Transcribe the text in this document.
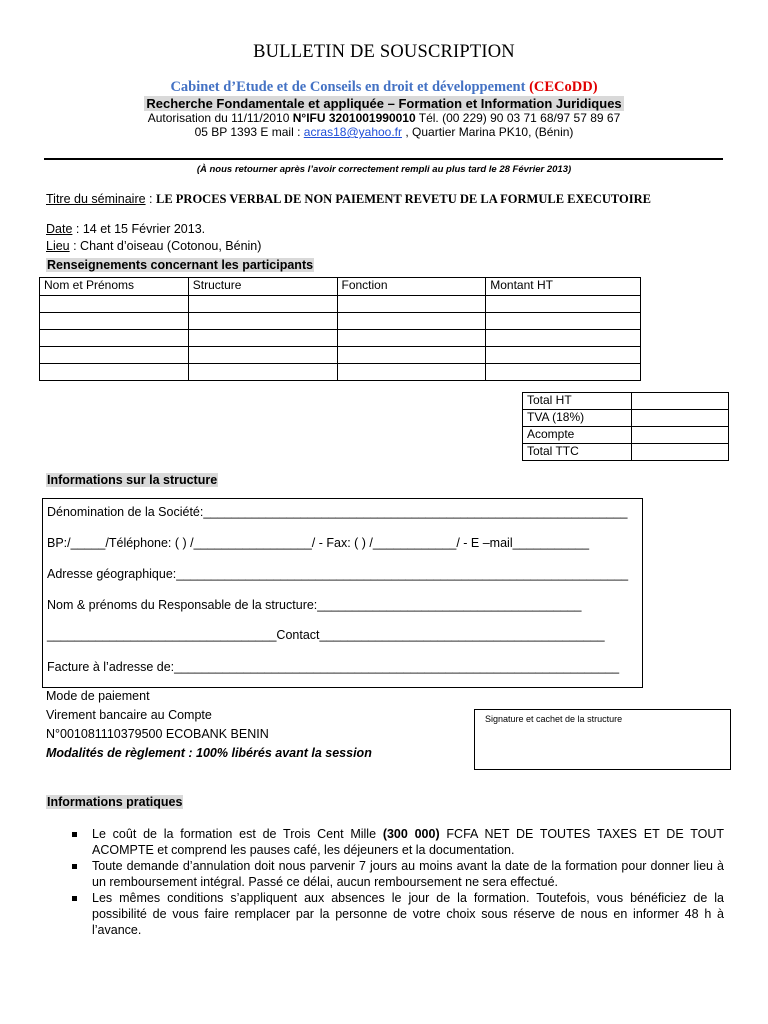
BULLETIN DE SOUSCRIPTION
Cabinet d’Etude et de Conseils en droit et développement (CECoDD)
Recherche Fondamentale et appliquée – Formation et Information Juridiques
Autorisation du 11/11/2010 N°IFU 3201001990010 Tél. (00 229) 90 03 71 68/97 57 89 67
05 BP 1393 E mail : acras18@yahoo.fr , Quartier Marina PK10, (Bénin)
(À nous retourner après l’avoir correctement rempli au plus tard le 28 Février 2013)
Titre du séminaire : LE PROCES VERBAL DE NON PAIEMENT REVETU DE LA FORMULE EXECUTOIRE
Date : 14 et 15 Février 2013.
Lieu : Chant d’oiseau (Cotonou, Bénin)
Renseignements concernant les participants
Nom et Prénoms	Structure	Fonction	Montant HT

Total HT	
TVA (18%)	
Acompte	
Total TTC	
Informations sur la structure
Dénomination de la Société:_____________________________________________________________
BP:/_____/Téléphone: ( ) /_________________/ - Fax: ( ) /____________/ - E –mail___________
Adresse géographique:_________________________________________________________________
Nom & prénoms du Responsable de la structure:______________________________________
_________________________________Contact_________________________________________
Facture à l’adresse de:________________________________________________________________
Mode de paiement
Virement bancaire au Compte
N°001081110379500 ECOBANK BENIN
Modalités de règlement : 100% libérés avant la session
Signature et cachet de la structure
Informations pratiques
Le coût de la formation est de Trois Cent Mille (300 000) FCFA NET DE TOUTES TAXES ET DE TOUT ACOMPTE et comprend les pauses café, les déjeuners et la documentation.
Toute demande d’annulation doit nous parvenir 7 jours au moins avant la date de la formation pour donner lieu à un remboursement intégral. Passé ce délai, aucun remboursement ne sera effectué.
Les mêmes conditions s’appliquent aux absences le jour de la formation. Toutefois, vous bénéficiez de la possibilité de vous faire remplacer par la personne de votre choix sous réserve de nous en informer 48 h à l’avance.
